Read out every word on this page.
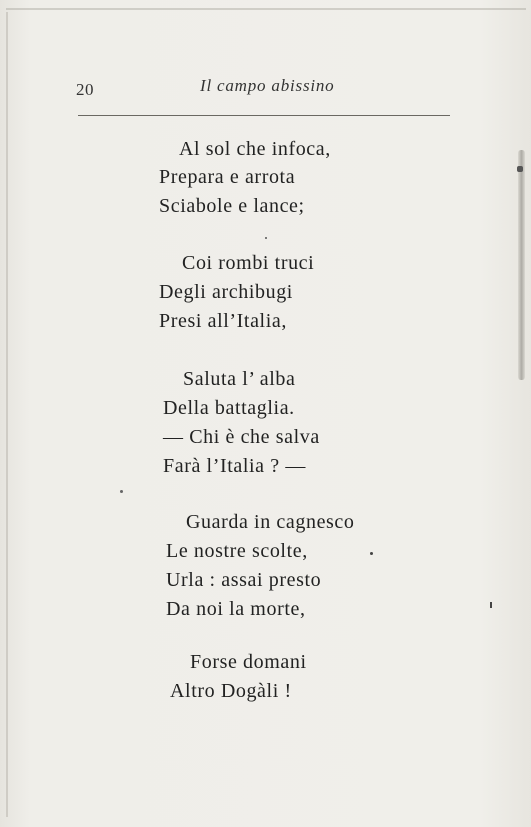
20	Il campo abissino
Al sol che infoca,
Prepara e arrota
Sciabole e lance;
Coi rombi truci
Degli archibugi
Presi all’Italia,
Saluta l’ alba
Della battaglia.
— Chi è che salva
Farà l’Italia ? —
Guarda in cagnesco
Le nostre scolte,
Urla : assai presto
Da noi la morte,
Forse domani
Altro Dogàli !
